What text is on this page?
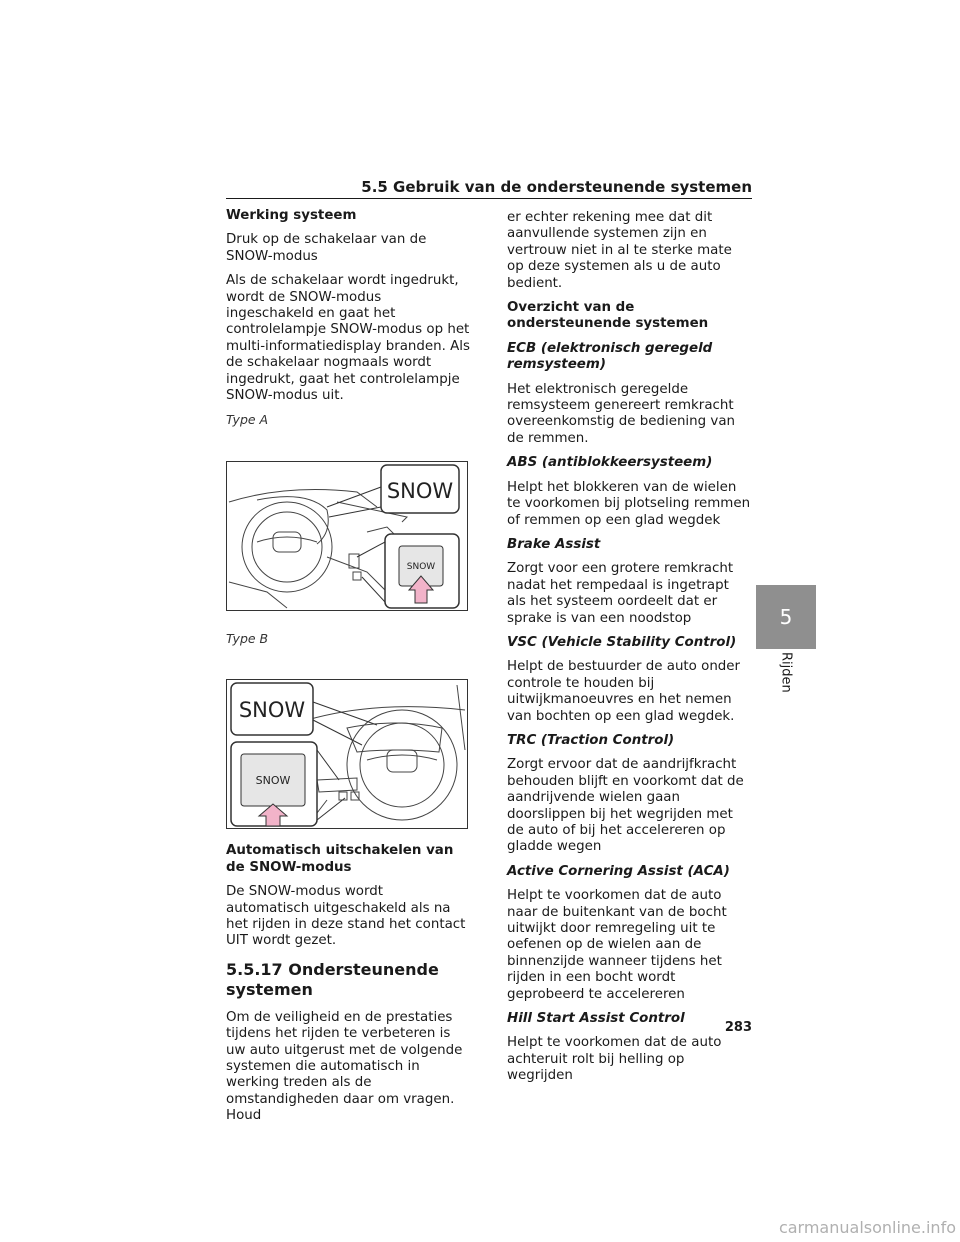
5.5 Gebruik van de ondersteunende systemen
Werking systeem

Druk op de schakelaar van de SNOW-modus

Als de schakelaar wordt ingedrukt, wordt de SNOW-modus ingeschakeld en gaat het controlelampje SNOW-modus op het multi-informatiedisplay branden. Als de schakelaar nogmaals wordt ingedrukt, gaat het controlelampje SNOW-modus uit.

Type A
SNOW
SNOW
Type B
SNOW
SNOW
Automatisch uitschakelen van de SNOW-modus

De SNOW-modus wordt automatisch uitgeschakeld als na het rijden in deze stand het contact UIT wordt gezet.

5.5.17 Ondersteunende systemen

Om de veiligheid en de prestaties tijdens het rijden te verbeteren is uw auto uitgerust met de volgende systemen die automatisch in werking treden als de omstandigheden daar om vragen. Houd

er echter rekening mee dat dit aanvullende systemen zijn en vertrouw niet in al te sterke mate op deze systemen als u de auto bedient.

Overzicht van de ondersteunende systemen
ECB (elektronisch geregeld remsysteem)

Het elektronisch geregelde remsysteem genereert remkracht overeenkomstig de bediening van de remmen.

ABS (antiblokkeersysteem)

Helpt het blokkeren van de wielen te voorkomen bij plotseling remmen of remmen op een glad wegdek

Brake Assist

Zorgt voor een grotere remkracht nadat het rempedaal is ingetrapt als het systeem oordeelt dat er sprake is van een noodstop

VSC (Vehicle Stability Control)

Helpt de bestuurder de auto onder controle te houden bij uitwijkmanoeuvres en het nemen van bochten op een glad wegdek.

TRC (Traction Control)

Zorgt ervoor dat de aandrijfkracht behouden blijft en voorkomt dat de aandrijvende wielen gaan doorslippen bij het wegrijden met de auto of bij het accelereren op gladde wegen

Active Cornering Assist (ACA)

Helpt te voorkomen dat de auto naar de buitenkant van de bocht uitwijkt door remregeling uit te oefenen op de wielen aan de binnenzijde wanneer tijdens het rijden in een bocht wordt geprobeerd te accelereren

Hill Start Assist Control

Helpt te voorkomen dat de auto achteruit rolt bij helling op wegrijden

5
Rijden
283
carmanualsonline.info
